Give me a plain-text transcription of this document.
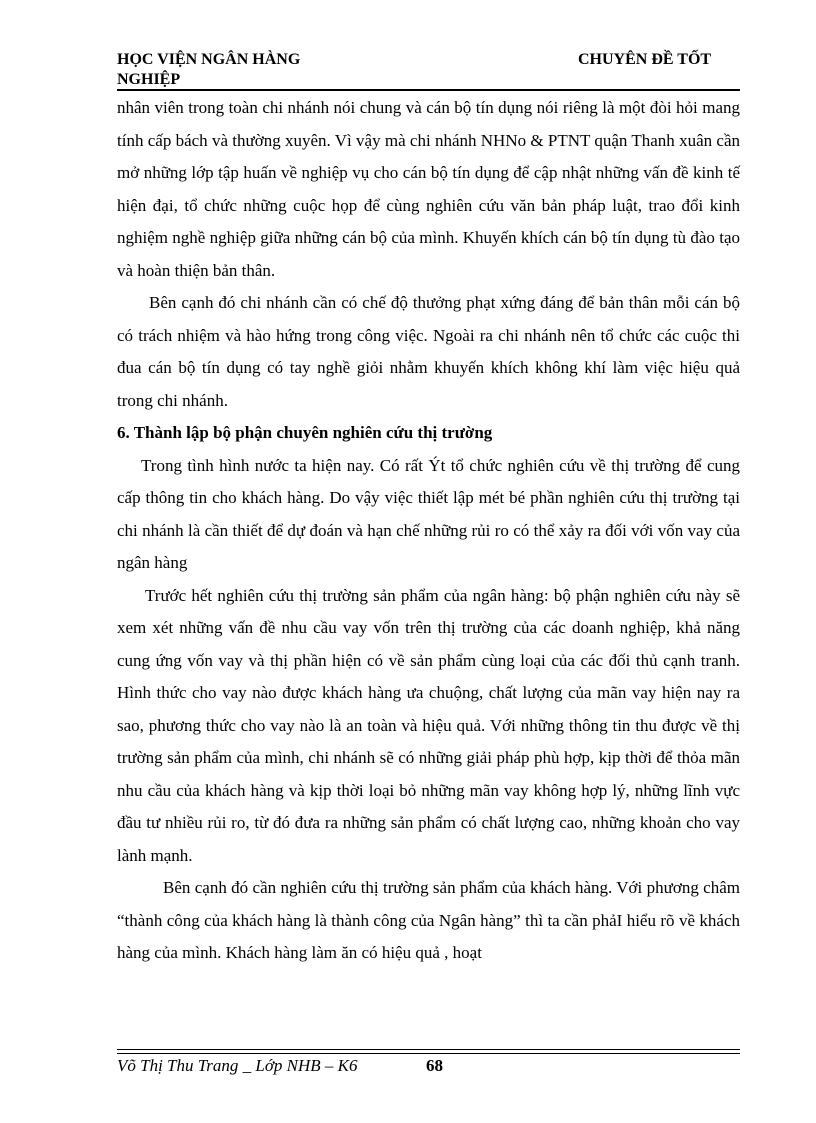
HỌC VIỆN NGÂN HÀNG	CHUYÊN ĐỀ TỐT
NGHIỆP

nhân viên trong toàn chi nhánh nói chung và cán bộ tín dụng nói riêng là một đòi hỏi mang tính cấp bách và thường xuyên. Vì vậy mà chi nhánh NHNo & PTNT quận Thanh xuân cần mở những lớp tập huấn về nghiệp vụ cho cán bộ tín dụng để cập nhật những vấn đề kinh tế hiện đại, tổ chức những cuộc họp để cùng nghiên cứu văn bản pháp luật, trao đổi kinh nghiệm nghề nghiệp giữa những cán bộ của mình. Khuyến khích cán bộ tín dụng tù đào tạo và hoàn thiện bản thân.

Bên cạnh đó chi nhánh cần có chế độ thưởng phạt xứng đáng để bản thân mỗi cán bộ có trách nhiệm và hào hứng trong công việc. Ngoài ra chi nhánh nên tổ chức các cuộc thi đua cán bộ tín dụng có tay nghề giỏi nhằm khuyến khích không khí làm việc hiệu quả trong chi nhánh.

6. Thành lập bộ phận chuyên nghiên cứu thị trường

Trong tình hình nước ta hiện nay. Có rất Ýt tổ chức nghiên cứu về thị trường để cung cấp thông tin cho khách hàng. Do vậy việc thiết lập mét bé phần nghiên cứu thị trường tại chi nhánh là cần thiết để dự đoán và hạn chế những rủi ro có thể xảy ra đối với vốn vay của ngân hàng

Trước hết nghiên cứu thị trường sản phẩm của ngân hàng: bộ phận nghiên cứu này sẽ xem xét những vấn đề nhu cầu vay vốn trên thị trường của các doanh nghiệp, khả năng cung ứng vốn vay và thị phần hiện có về sản phẩm cùng loại của các đối thủ cạnh tranh. Hình thức cho vay nào được khách hàng ưa chuộng, chất lượng của mãn vay hiện nay ra sao, phương thức cho vay nào là an toàn và hiệu quả. Với những thông tin thu được về thị trường sản phẩm của mình, chi nhánh sẽ có những giải pháp phù hợp, kịp thời để thỏa mãn nhu cầu của khách hàng và kịp thời loại bỏ những mãn vay không hợp lý, những lĩnh vực đầu tư nhiều rủi ro, từ đó đưa ra những sản phẩm có chất lượng cao, những khoản cho vay lành mạnh.

Bên cạnh đó cần nghiên cứu thị trường sản phẩm của khách hàng. Với phương châm “thành công của khách hàng là thành công của Ngân hàng” thì ta cần phảI hiểu rõ về khách hàng của mình. Khách hàng làm ăn có hiệu quả , hoạt

Võ Thị Thu Trang _ Lớp NHB – K6	68
